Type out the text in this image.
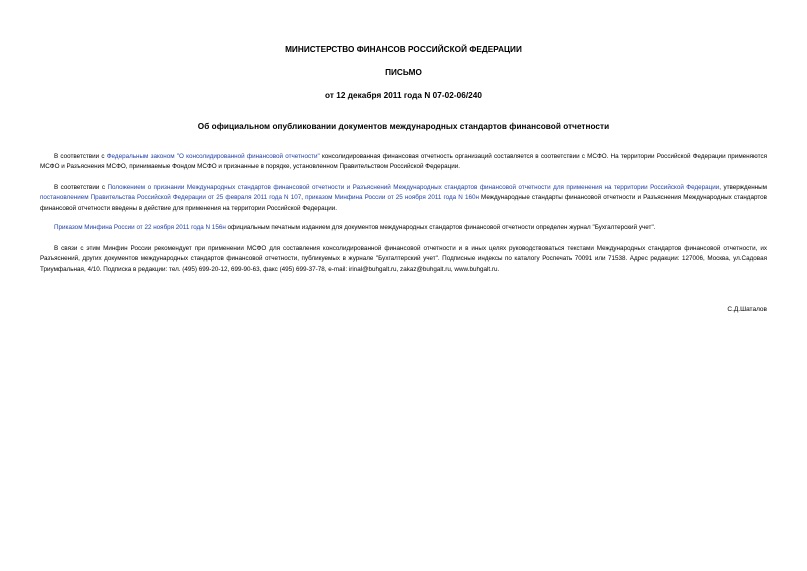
МИНИСТЕРСТВО ФИНАНСОВ РОССИЙСКОЙ ФЕДЕРАЦИИ
ПИСЬМО
от 12 декабря 2011 года N 07-02-06/240
Об официальном опубликовании документов международных стандартов финансовой отчетности
В соответствии с Федеральным законом "О консолидированной финансовой отчетности" консолидированная финансовая отчетность организаций составляется в соответствии с МСФО. На территории Российской Федерации применяются МСФО и Разъяснения МСФО, принимаемые Фондом МСФО и признанные в порядке, установленном Правительством Российской Федерации.
В соответствии с Положением о признании Международных стандартов финансовой отчетности и Разъяснений Международных стандартов финансовой отчетности для применения на территории Российской Федерации, утвержденным постановлением Правительства Российской Федерации от 25 февраля 2011 года N 107, приказом Минфина России от 25 ноября 2011 года N 160н Международные стандарты финансовой отчетности и Разъяснения Международных стандартов финансовой отчетности введены в действие для применения на территории Российской Федерации.
Приказом Минфина России от 22 ноября 2011 года N 156н официальным печатным изданием для документов международных стандартов финансовой отчетности определен журнал "Бухгалтерский учет".
В связи с этим Минфин России рекомендует при применении МСФО для составления консолидированной финансовой отчетности и в иных целях руководствоваться текстами Международных стандартов финансовой отчетности, их Разъяснений, других документов международных стандартов финансовой отчетности, публикуемых в журнале "Бухгалтерский учет". Подписные индексы по каталогу Роспечать 70091 или 71538. Адрес редакции: 127006, Москва, ул.Садовая Триумфальная, 4/10. Подписка в редакции: тел. (495) 699-20-12, 699-90-63, факс (495) 699-37-78, e-mail: irinal@buhgalt.ru, zakaz@buhgalt.ru, www.buhgalt.ru.
С.Д.Шаталов
